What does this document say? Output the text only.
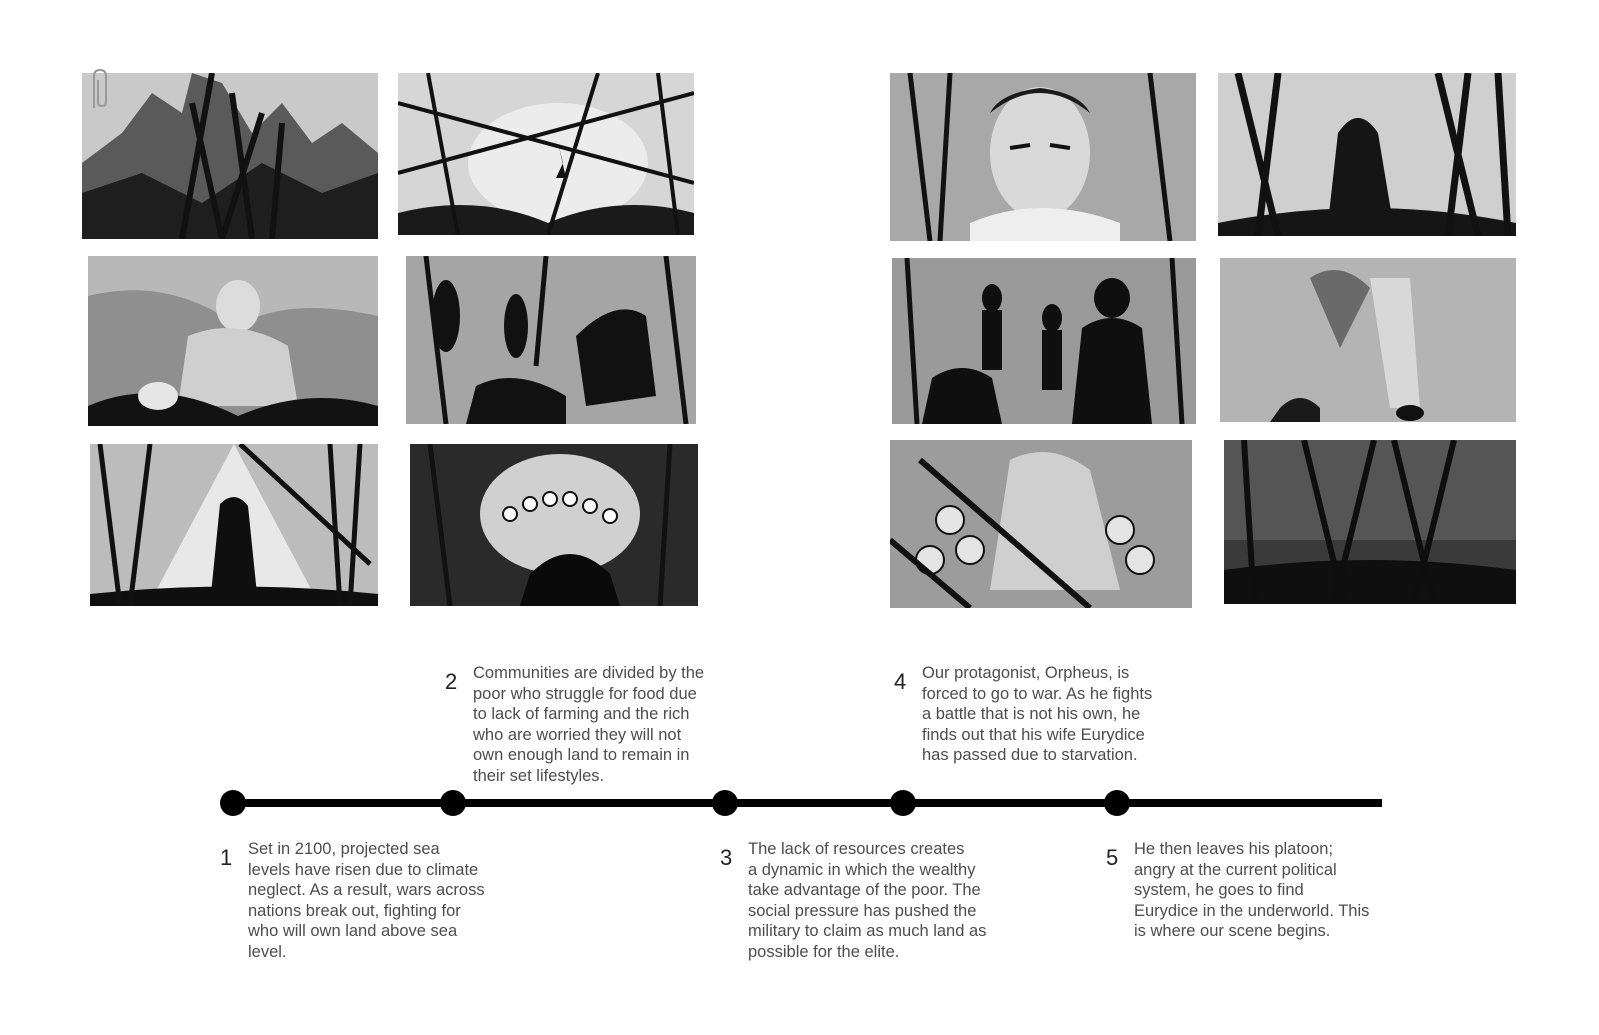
1 Set in 2100, projected sea
levels have risen due to climate
neglect. As a result, wars across
nations break out, fighting for
who will own land above sea
level.
2 Communities are divided by the
poor who struggle for food due
to lack of farming and the rich
who are worried they will not
own enough land to remain in
their set lifestyles.
3 The lack of resources creates
a dynamic in which the wealthy
take advantage of the poor. The
social pressure has pushed the
military to claim as much land as
possible for the elite.
4 Our protagonist, Orpheus, is
forced to go to war. As he fights
a battle that is not his own, he
finds out that his wife Eurydice
has passed due to starvation.
5 He then leaves his platoon;
angry at the current political
system, he goes to find
Eurydice in the underworld. This
is where our scene begins.
